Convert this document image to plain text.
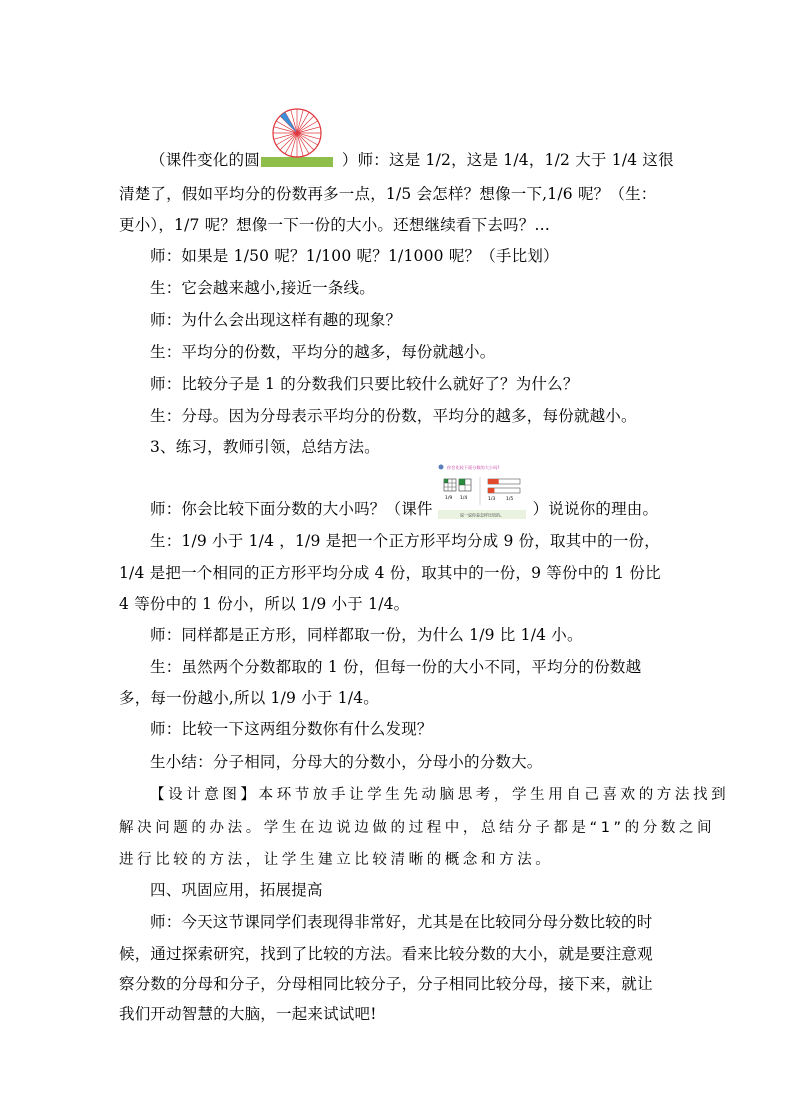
（课件变化的圆	）师：这是 1/2，这是 1/4，1/2 大于 1/4 这很
清楚了，假如平均分的份数再多一点，1/5 会怎样？想像一下,1/6 呢？（生：
更小），1/7 呢？想像一下一份的大小。还想继续看下去吗？…
师：如果是 1/50 呢？1/100 呢？1/1000 呢？（手比划）
生：它会越来越小,接近一条线。
师：为什么会出现这样有趣的现象？
生：平均分的份数，平均分的越多，每份就越小。
师：比较分子是 1 的分数我们只要比较什么就好了？为什么？
生：分母。因为分母表示平均分的份数，平均分的越多，每份就越小。
3、练习，教师引领，总结方法。
你会比较下面分数的大小吗?
1/9 1/4	1/3 1/5
说一说你是怎样比较的。
师：你会比较下面分数的大小吗？（课件	）说说你的理由。
生：1/9 小于 1/4 ，1/9 是把一个正方形平均分成 9 份，取其中的一份，
1/4 是把一个相同的正方形平均分成 4 份，取其中的一份，9 等份中的 1 份比
4 等份中的 1 份小，所以 1/9 小于 1/4。
师：同样都是正方形，同样都取一份，为什么 1/9 比 1/4 小。
生：虽然两个分数都取的 1 份，但每一份的大小不同，平均分的份数越
多，每一份越小,所以 1/9 小于 1/4。
师：比较一下这两组分数你有什么发现？
生小结：分子相同，分母大的分数小，分母小的分数大。
【设计意图】本环节放手让学生先动脑思考，学生用自己喜欢的方法找到
解决问题的办法。学生在边说边做的过程中，总结分子都是“1”的分数之间
进行比较的方法，让学生建立比较清晰的概念和方法。
四、巩固应用，拓展提高
师：今天这节课同学们表现得非常好，尤其是在比较同分母分数比较的时
候，通过探索研究，找到了比较的方法。看来比较分数的大小，就是要注意观
察分数的分母和分子，分母相同比较分子，分子相同比较分母，接下来，就让
我们开动智慧的大脑，一起来试试吧!
